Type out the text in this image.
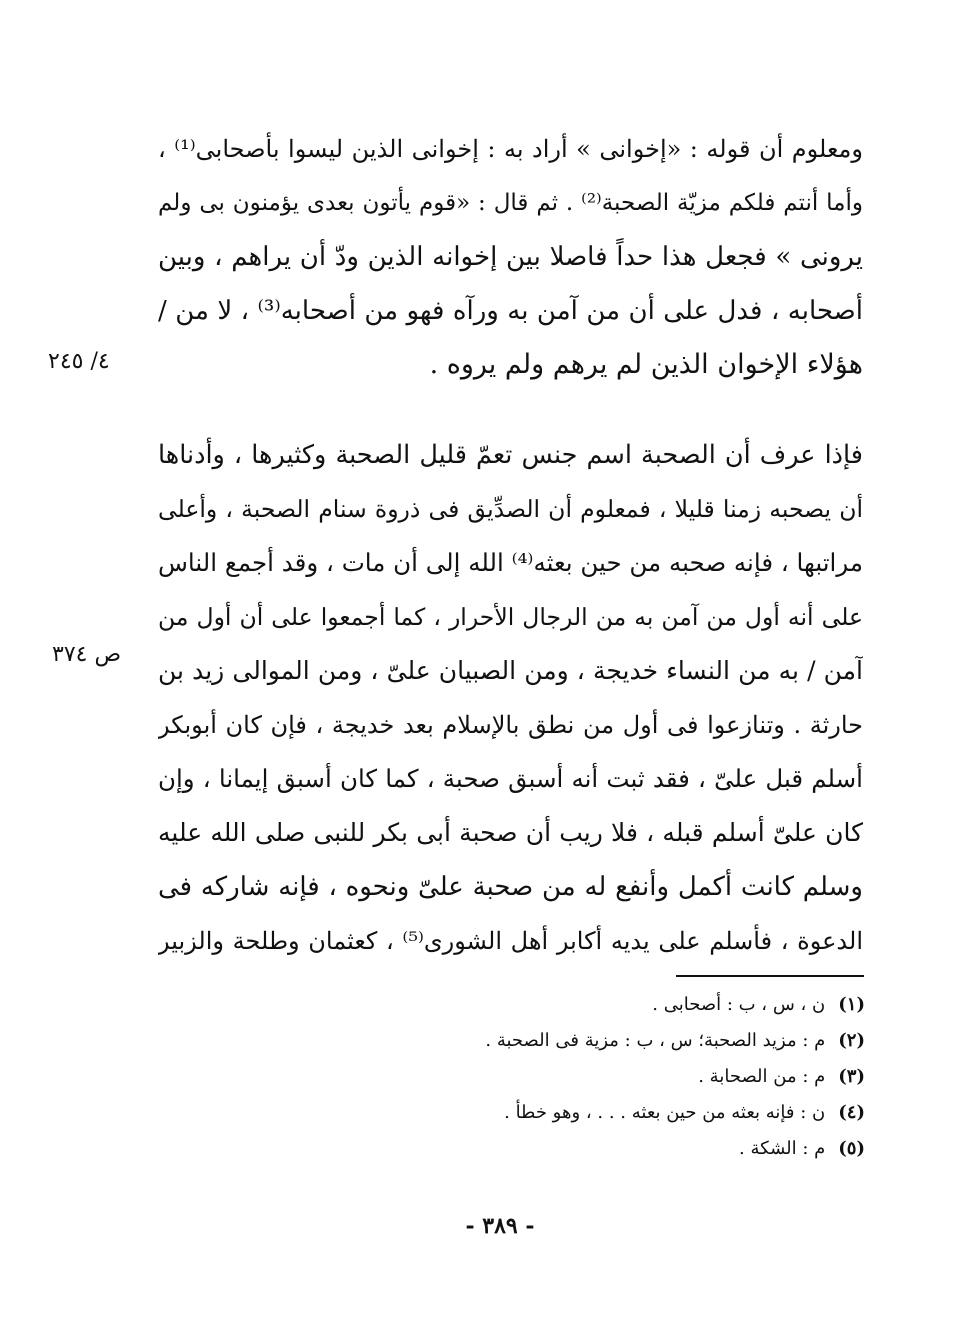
ومعلوم أن قوله : «إخوانى » أراد به : إخوانى الذين ليسوا بأصحابى⁽¹⁾ ،
وأما أنتم فلكم مزيّة الصحبة⁽²⁾ . ثم قال : «قوم يأتون بعدى يؤمنون بى ولم
يرونى » فجعل هذا حداً فاصلا بين إخوانه الذين ودّ أن يراهم ، وبين
أصحابه ، فدل على أن من آمن به ورآه فهو من أصحابه⁽³⁾ ، لا من /
هؤلاء الإخوان الذين لم يرهم ولم يروه .
٤/ ٢٤٥
فإذا عرف أن الصحبة اسم جنس تعمّ قليل الصحبة وكثيرها ، وأدناها
أن يصحبه زمنا قليلا ، فمعلوم أن الصدِّيق فى ذروة سنام الصحبة ، وأعلى
مراتبها ، فإنه صحبه من حين بعثه⁽⁴⁾ الله إلى أن مات ، وقد أجمع الناس
على أنه أول من آمن به من الرجال الأحرار ، كما أجمعوا على أن أول من
آمن / به من النساء خديجة ، ومن الصبيان علىّ ، ومن الموالى زيد بن
حارثة . وتنازعوا فى أول من نطق بالإسلام بعد خديجة ، فإن كان أبوبكر
أسلم قبل علىّ ، فقد ثبت أنه أسبق صحبة ، كما كان أسبق إيمانا ، وإن
كان علىّ أسلم قبله ، فلا ريب أن صحبة أبى بكر للنبى صلى الله عليه
وسلم كانت أكمل وأنفع له من صحبة علىّ ونحوه ، فإنه شاركه فى
الدعوة ، فأسلم على يديه أكابر أهل الشورى⁽⁵⁾ ، كعثمان وطلحة والزبير
ص ٣٧٤
(١) ن ، س ، ب : أصحابى .
(٢) م : مزيد الصحبة؛ س ، ب : مزية فى الصحبة .
(٣) م : من الصحابة .
(٤) ن : فإنه بعثه من حين بعثه . . . ، وهو خطأ .
(٥) م : الشكة .
- ٣٨٩ -
